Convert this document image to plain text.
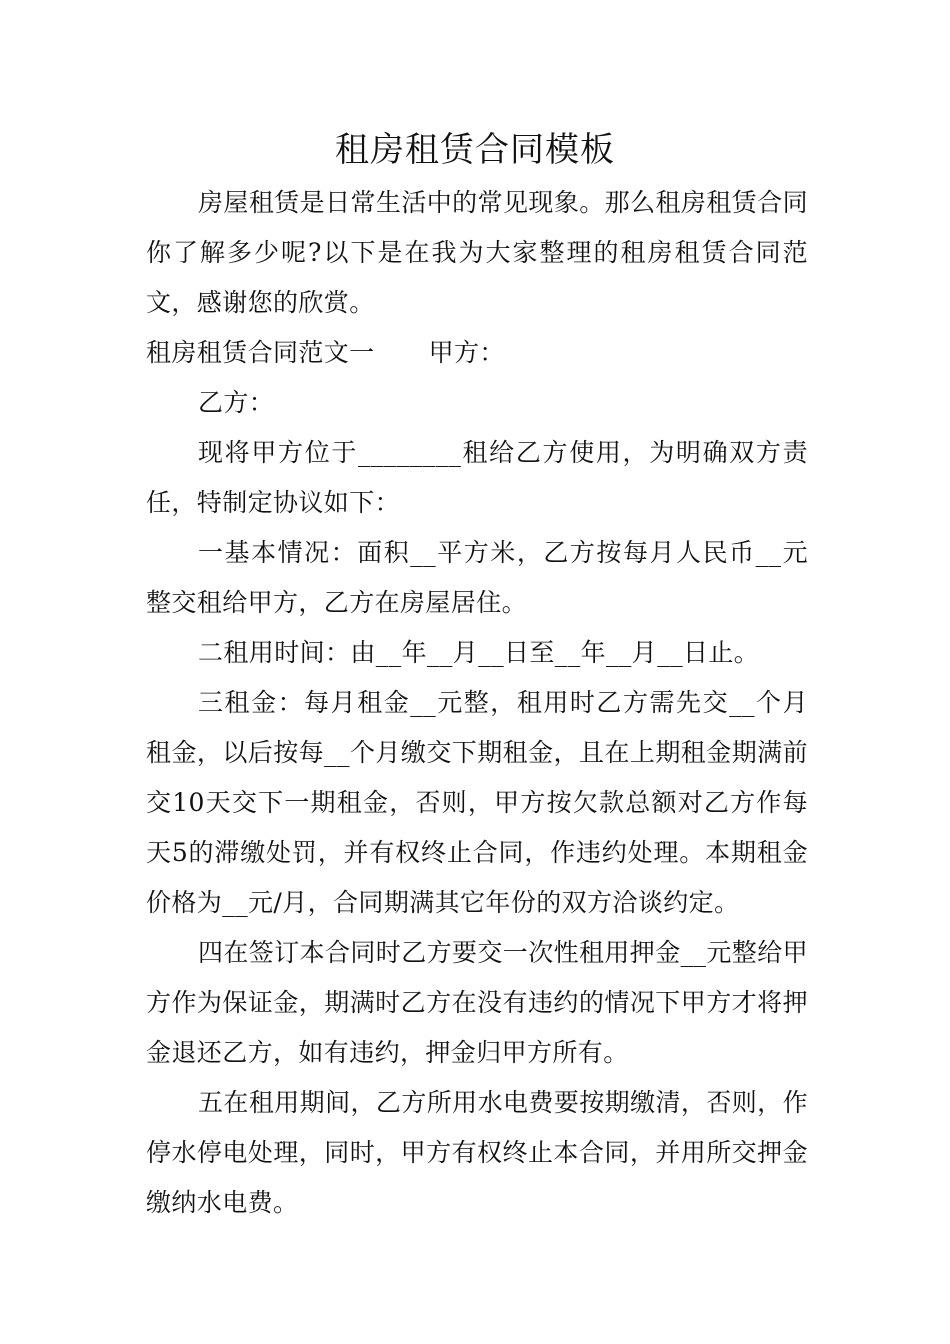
租房租赁合同模板

房屋租赁是日常生活中的常见现象。那么租房租赁合同你了解多少呢?以下是在我为大家整理的租房租赁合同范文，感谢您的欣赏。

租房租赁合同范文一 甲方：

乙方：

现将甲方位于________租给乙方使用，为明确双方责任，特制定协议如下：

一基本情况：面积__平方米，乙方按每月人民币__元整交租给甲方，乙方在房屋居住。

二租用时间：由__年__月__日至__年__月__日止。

三租金：每月租金__元整，租用时乙方需先交__个月租金，以后按每__个月缴交下期租金，且在上期租金期满前交10天交下一期租金，否则，甲方按欠款总额对乙方作每天5的滞缴处罚，并有权终止合同，作违约处理。本期租金价格为__元/月，合同期满其它年份的双方洽谈约定。

四在签订本合同时乙方要交一次性租用押金__元整给甲方作为保证金，期满时乙方在没有违约的情况下甲方才将押金退还乙方，如有违约，押金归甲方所有。

五在租用期间，乙方所用水电费要按期缴清，否则，作停水停电处理，同时，甲方有权终止本合同，并用所交押金缴纳水电费。
